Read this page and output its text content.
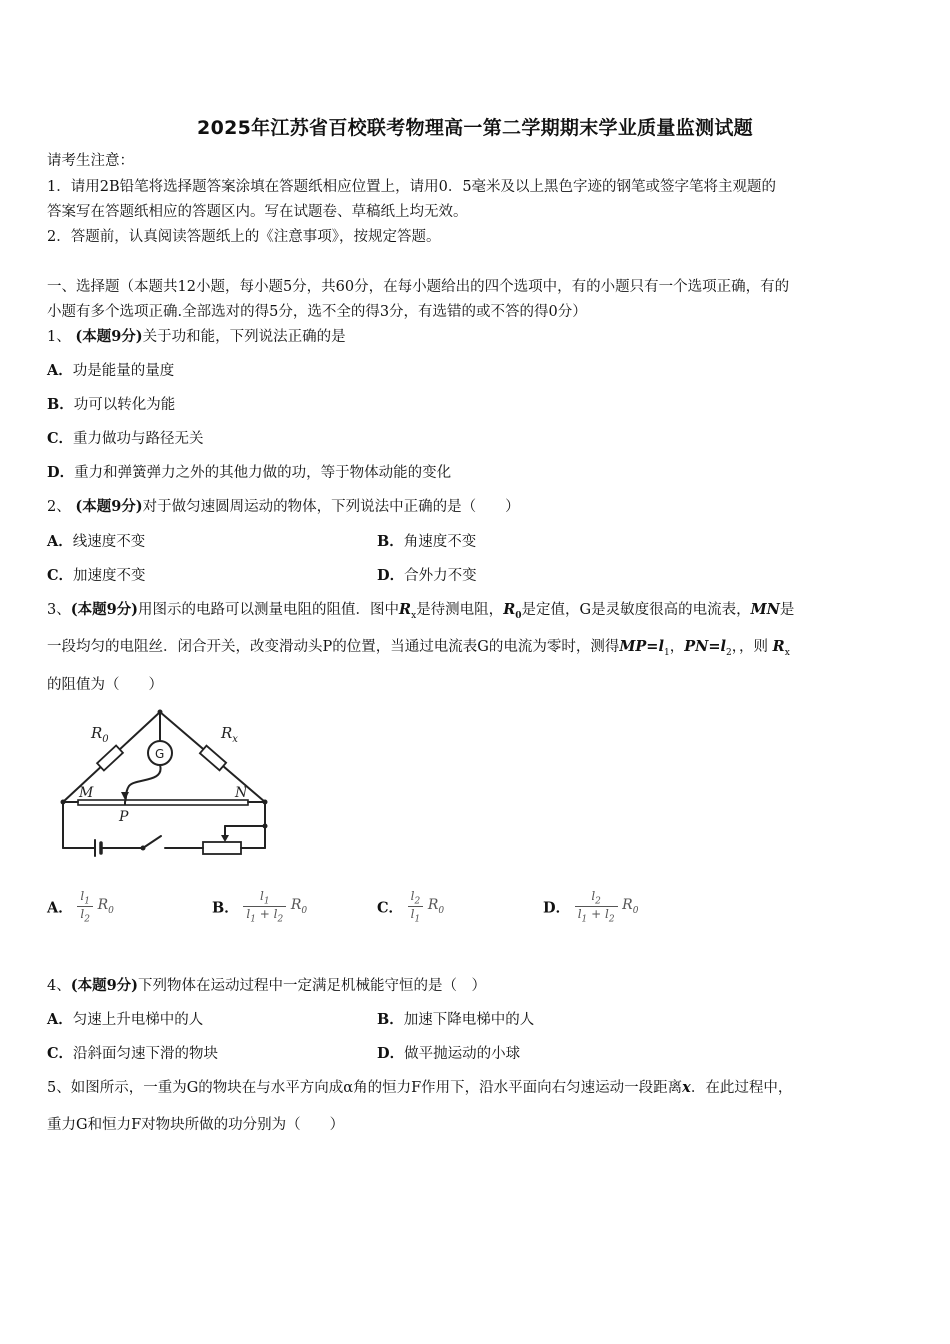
2025年江苏省百校联考物理高一第二学期期末学业质量监测试题
请考生注意：
1．请用2B铅笔将选择题答案涂填在答题纸相应位置上，请用0．5毫米及以上黑色字迹的钢笔或签字笔将主观题的
答案写在答题纸相应的答题区内。写在试题卷、草稿纸上均无效。
2．答题前，认真阅读答题纸上的《注意事项》，按规定答题。
一、选择题（本题共12小题，每小题5分，共60分，在每小题给出的四个选项中，有的小题只有一个选项正确，有的
小题有多个选项正确.全部选对的得5分，选不全的得3分，有选错的或不答的得0分）
1、 (本题9分)关于功和能，下列说法正确的是
A．功是能量的量度
B．功可以转化为能
C．重力做功与路径无关
D．重力和弹簧弹力之外的其他力做的功，等于物体动能的变化
2、 (本题9分)对于做匀速圆周运动的物体，下列说法中正确的是（　　）
A．线速度不变	B．角速度不变
C．加速度不变	D．合外力不变
3、(本题9分)用图示的电路可以测量电阻的阻值．图中$R_x$是待测电阻，$R_0$是定值，G是灵敏度很高的电流表，MN是
一段均匀的电阻丝．闭合开关，改变滑动头P的位置，当通过电流表G的电流为零时，测得$MP=l_1$，$PN=l_2$，，则 $R_x$
的阻值为（　　）
$R_0$	$R_x$
G
M	N
P
A． $\frac{l_1}{l_2} R_0$	B． $\frac{l_1}{l_1 + l_2} R_0$	C． $\frac{l_2}{l_1} R_0$	D． $\frac{l_2}{l_1 + l_2} R_0$
4、(本题9分)下列物体在运动过程中一定满足机械能守恒的是（　）
A．匀速上升电梯中的人	B．加速下降电梯中的人
C．沿斜面匀速下滑的物块	D．做平抛运动的小球
5、如图所示，一重为G的物块在与水平方向成α角的恒力F作用下，沿水平面向右匀速运动一段距离x．在此过程中，
重力G和恒力F对物块所做的功分别为（　　）
